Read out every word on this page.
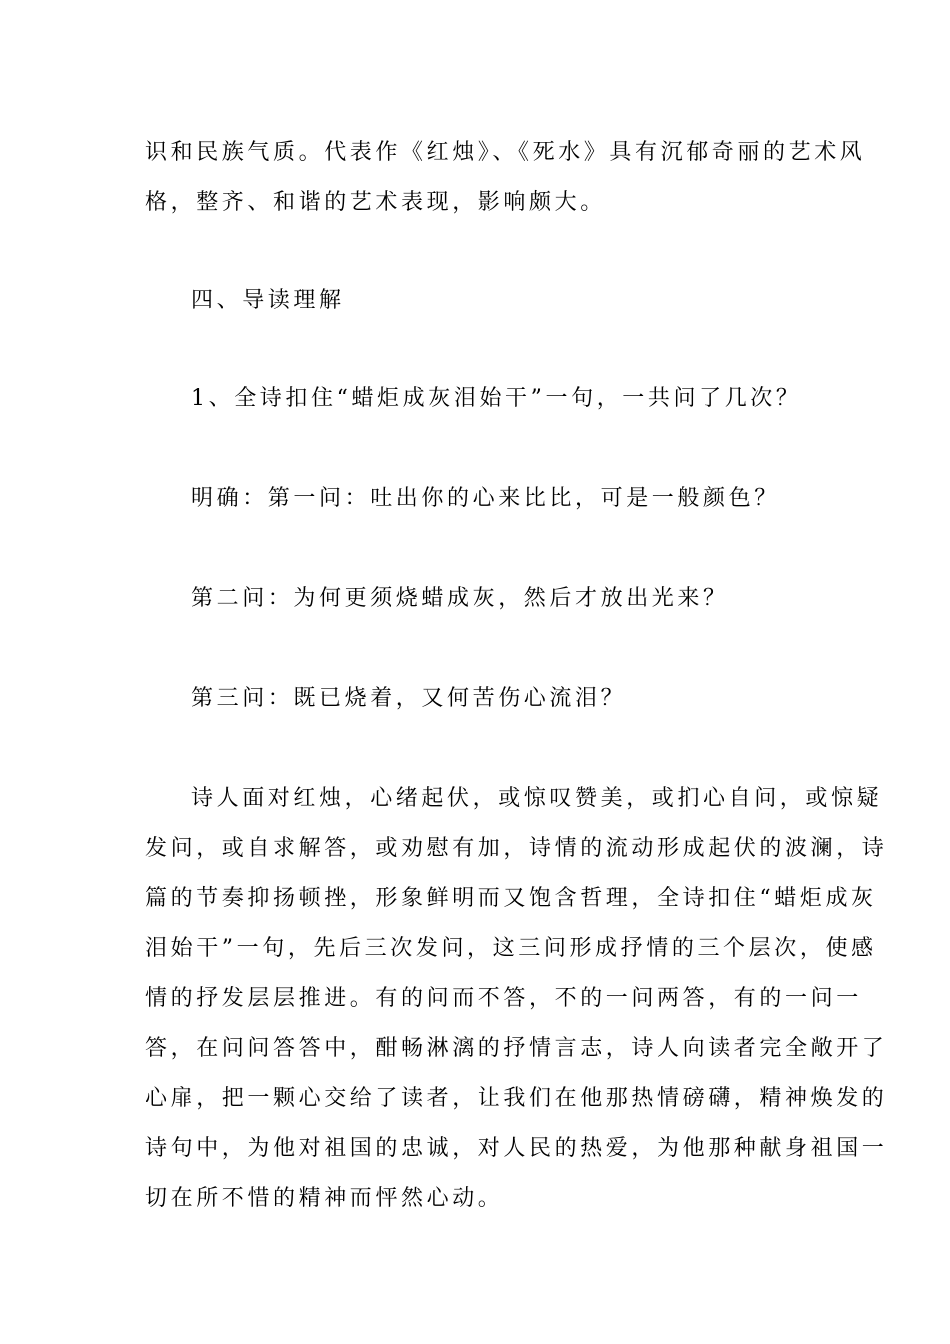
识和民族气质。代表作《红烛》、《死水》具有沉郁奇丽的艺术风
格，整齐、和谐的艺术表现，影响颇大。
四、导读理解
1、全诗扣住“蜡炬成灰泪始干”一句，一共问了几次？
明确：第一问：吐出你的心来比比，可是一般颜色？
第二问：为何更须烧蜡成灰，然后才放出光来？
第三问：既已烧着，又何苦伤心流泪？
诗人面对红烛，心绪起伏，或惊叹赞美，或扪心自问，或惊疑
发问，或自求解答，或劝慰有加，诗情的流动形成起伏的波澜，诗
篇的节奏抑扬顿挫，形象鲜明而又饱含哲理，全诗扣住“蜡炬成灰
泪始干”一句，先后三次发问，这三问形成抒情的三个层次，使感
情的抒发层层推进。有的问而不答，不的一问两答，有的一问一
答，在问问答答中，酣畅淋漓的抒情言志，诗人向读者完全敞开了
心扉，把一颗心交给了读者，让我们在他那热情磅礴，精神焕发的
诗句中，为他对祖国的忠诚，对人民的热爱，为他那种献身祖国一
切在所不惜的精神而怦然心动。
